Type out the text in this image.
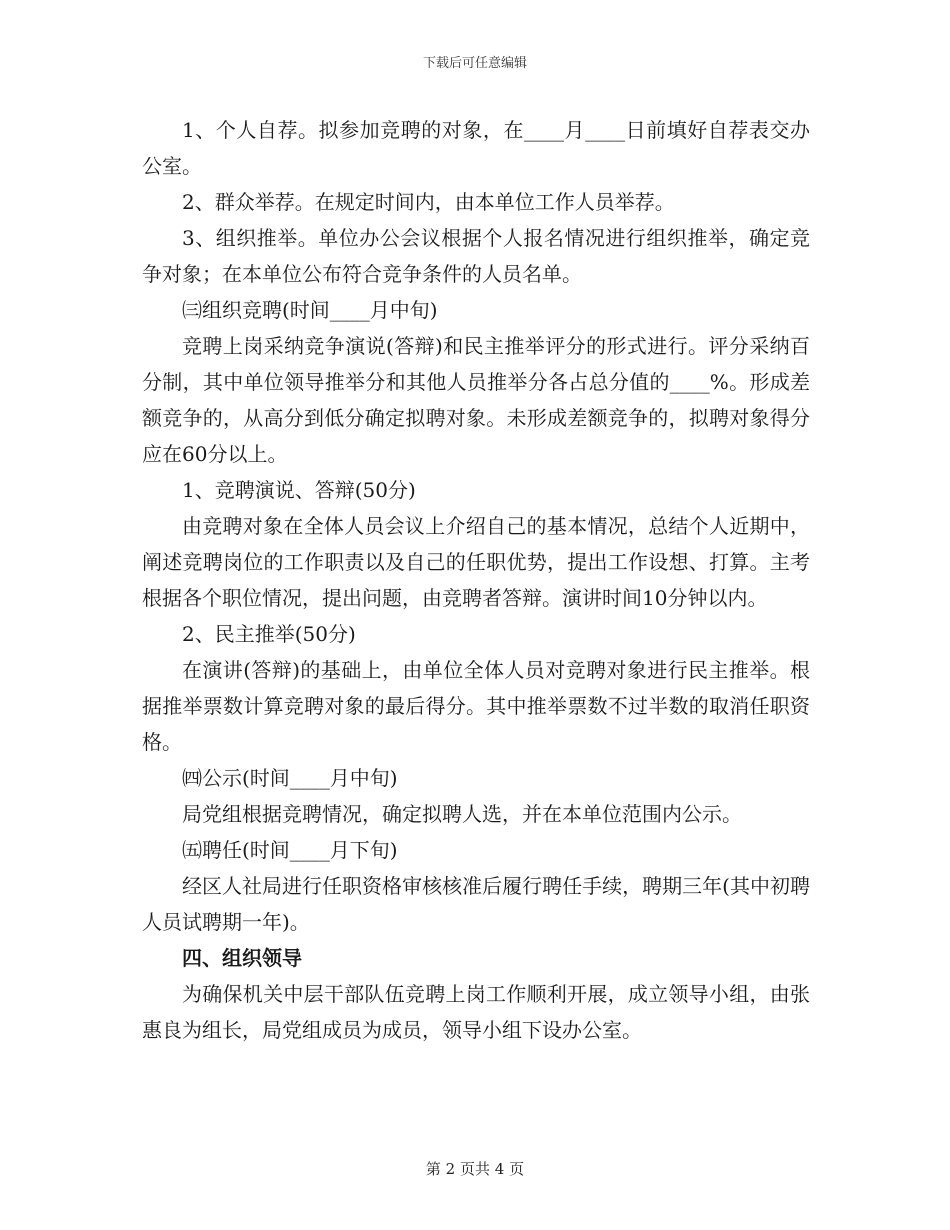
下载后可任意编辑

1、个人自荐。拟参加竞聘的对象，在____月____日前填好自荐表交办公室。

2、群众举荐。在规定时间内，由本单位工作人员举荐。

3、组织推举。单位办公会议根据个人报名情况进行组织推举，确定竞争对象；在本单位公布符合竞争条件的人员名单。

㈢组织竞聘(时间____月中旬)

竞聘上岗采纳竞争演说(答辩)和民主推举评分的形式进行。评分采纳百分制，其中单位领导推举分和其他人员推举分各占总分值的____%。形成差额竞争的，从高分到低分确定拟聘对象。未形成差额竞争的，拟聘对象得分应在60分以上。

1、竞聘演说、答辩(50分)

由竞聘对象在全体人员会议上介绍自己的基本情况，总结个人近期中，阐述竞聘岗位的工作职责以及自己的任职优势，提出工作设想、打算。主考根据各个职位情况，提出问题，由竞聘者答辩。演讲时间10分钟以内。

2、民主推举(50分)

在演讲(答辩)的基础上，由单位全体人员对竞聘对象进行民主推举。根据推举票数计算竞聘对象的最后得分。其中推举票数不过半数的取消任职资格。

㈣公示(时间____月中旬)

局党组根据竞聘情况，确定拟聘人选，并在本单位范围内公示。

㈤聘任(时间____月下旬)

经区人社局进行任职资格审核核准后履行聘任手续，聘期三年(其中初聘人员试聘期一年)。

四、组织领导

为确保机关中层干部队伍竞聘上岗工作顺利开展，成立领导小组，由张惠良为组长，局党组成员为成员，领导小组下设办公室。

第 2 页共 4 页
